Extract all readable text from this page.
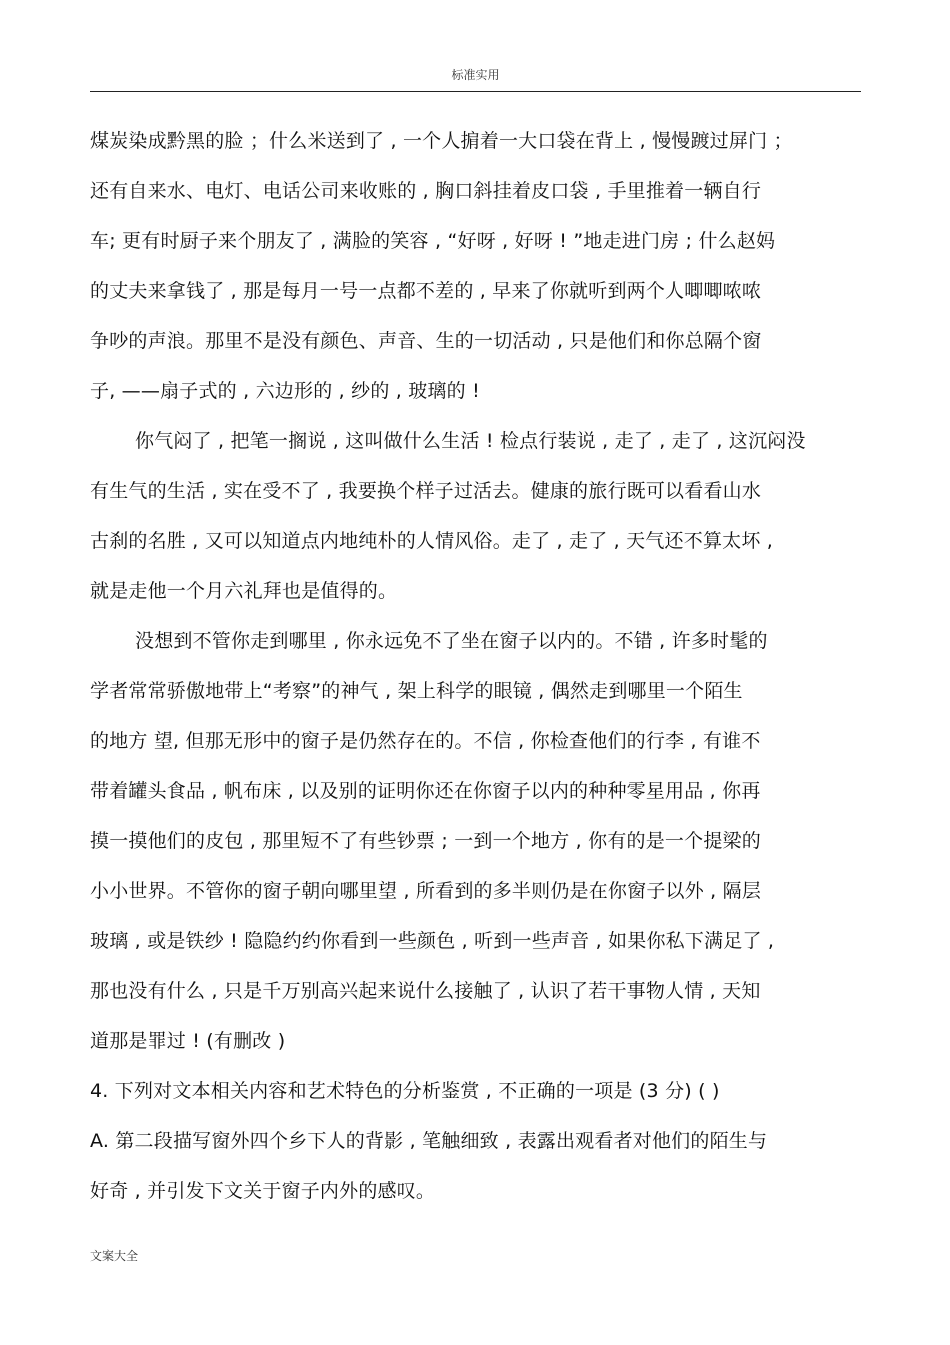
标准实用
煤炭染成黔黑的脸 ；什么米送到了 , 一个人掮着一大口袋在背上 , 慢慢踱过屏门 ；
还有自来水、电灯、电话公司来收账的 , 胸口斜挂着皮口袋 , 手里推着一辆自行
车; 更有时厨子来个朋友了 , 满脸的笑容 , “好呀 , 好呀 ! ”地走进门房 ; 什么赵妈
的丈夫来拿钱了 , 那是每月一号一点都不差的 , 早来了你就听到两个人唧唧哝哝
争吵的声浪。那里不是没有颜色、声音、生的一切活动 , 只是他们和你总隔个窗
子, ——扇子式的 , 六边形的 , 纱的 , 玻璃的 !
你气闷了 , 把笔一搁说 , 这叫做什么生活 ! 检点行装说 , 走了 , 走了 , 这沉闷没
有生气的生活 , 实在受不了 , 我要换个样子过活去。健康的旅行既可以看看山水
古刹的名胜 , 又可以知道点内地纯朴的人情风俗。走了 , 走了 , 天气还不算太坏 ,
就是走他一个月六礼拜也是值得的。
没想到不管你走到哪里 , 你永远免不了坐在窗子以内的。不错 , 许多时髦的
学者常常骄傲地带上“考察”的神气 , 架上科学的眼镜 , 偶然走到哪里一个陌生
的地方 望, 但那无形中的窗子是仍然存在的。不信 , 你检查他们的行李 , 有谁不
带着罐头食品 , 帆布床 , 以及别的证明你还在你窗子以内的种种零星用品 , 你再
摸一摸他们的皮包 , 那里短不了有些钞票 ; 一到一个地方 , 你有的是一个提梁的
小小世界。不管你的窗子朝向哪里望 , 所看到的多半则仍是在你窗子以外 , 隔层
玻璃 , 或是铁纱 ! 隐隐约约你看到一些颜色 , 听到一些声音 , 如果你私下满足了 ,
那也没有什么 , 只是千万别高兴起来说什么接触了 , 认识了若干事物人情 , 天知
道那是罪过 ! (有删改 )
4. 下列对文本相关内容和艺术特色的分析鉴赏 , 不正确的一项是 (3 分) ( )
A. 第二段描写窗外四个乡下人的背影 , 笔触细致 , 表露出观看者对他们的陌生与
好奇 , 并引发下文关于窗子内外的感叹。
文案大全
